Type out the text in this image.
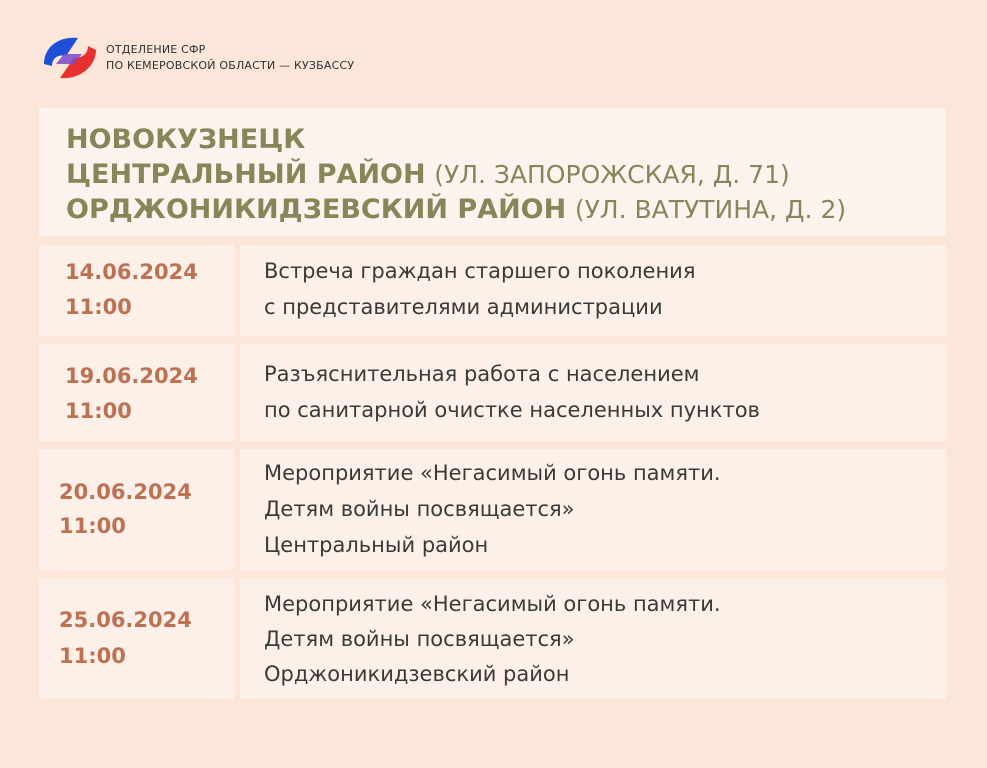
ОТДЕЛЕНИЕ СФР
ПО КЕМЕРОВСКОЙ ОБЛАСТИ — КУЗБАССУ
НОВОКУЗНЕЦК
ЦЕНТРАЛЬНЫЙ РАЙОН (УЛ. ЗАПОРОЖСКАЯ, Д. 71)
ОРДЖОНИКИДЗЕВСКИЙ РАЙОН (УЛ. ВАТУТИНА, Д. 2)
14.06.2024
11:00
Встреча граждан старшего поколения
с представителями администрации
19.06.2024
11:00
Разъяснительная работа с населением
по санитарной очистке населенных пунктов
20.06.2024
11:00
Мероприятие «Негасимый огонь памяти.
Детям войны посвящается»
Центральный район
25.06.2024
11:00
Мероприятие «Негасимый огонь памяти.
Детям войны посвящается»
Орджоникидзевский район
